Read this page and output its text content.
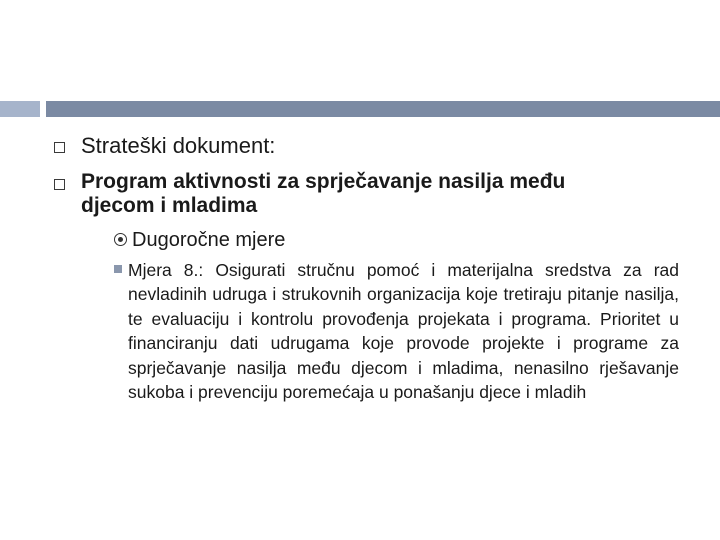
Strateški dokument:
Program aktivnosti za sprječavanje nasilja među
djecom i mladima
Dugoročne mjere
Mjera 8.: Osigurati stručnu pomoć i materijalna sredstva za rad nevladinih udruga i strukovnih organizacija koje tretiraju pitanje nasilja, te evaluaciju i kontrolu provođenja projekata i programa. Prioritet u financiranju dati udrugama koje provode projekte i programe za sprječavanje nasilja među djecom i mladima, nenasilno rješavanje sukoba i prevenciju poremećaja u ponašanju djece i mladih
